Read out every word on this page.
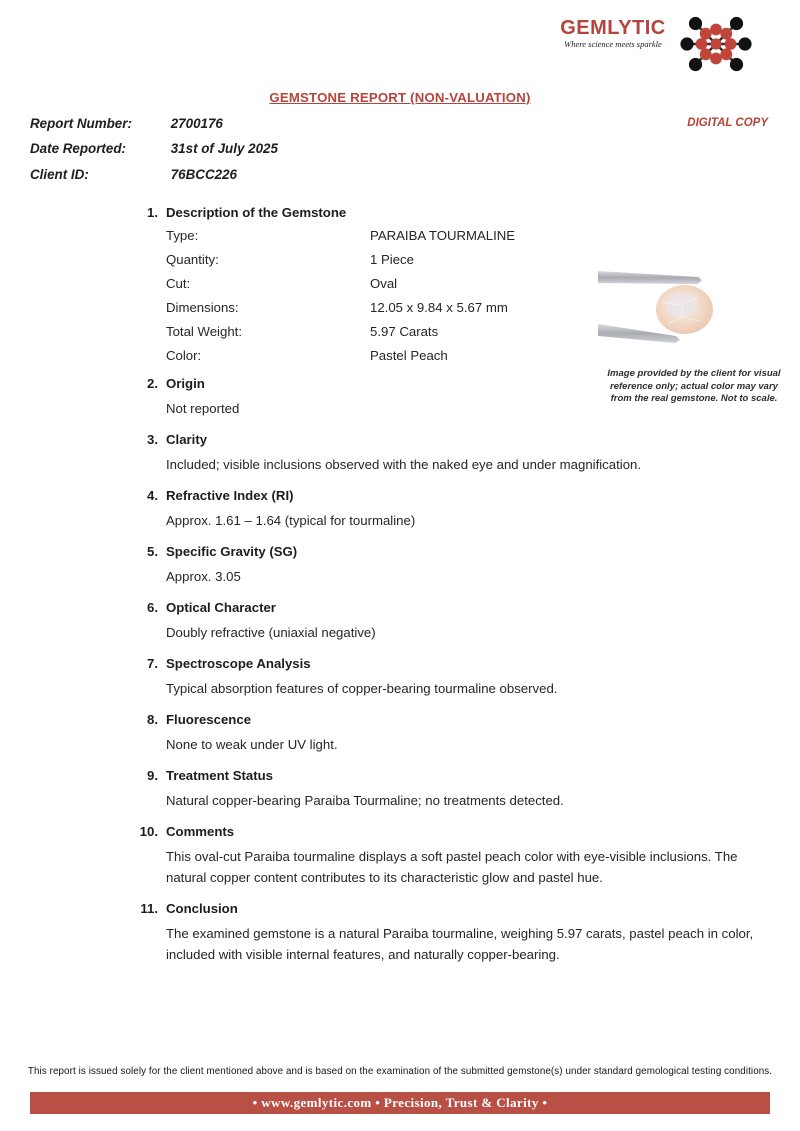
GEMLYTIC
Where science meets sparkle
GEMSTONE REPORT (NON-VALUATION)
DIGITAL COPY
Report Number:	2700176
Date Reported:	31st of July 2025
Client ID:	76BCC226
Image provided by the client for visual reference only; actual color may vary from the real gemstone. Not to scale.
1. Description of the Gemstone
Type:	PARAIBA TOURMALINE
Quantity:	1 Piece
Cut:	Oval
Dimensions:	12.05 x 9.84 x 5.67 mm
Total Weight:	5.97 Carats
Color:	Pastel Peach
2. Origin

Not reported

3. Clarity

Included; visible inclusions observed with the naked eye and under magnification.

4. Refractive Index (RI)

Approx. 1.61 – 1.64 (typical for tourmaline)

5. Specific Gravity (SG)

Approx. 3.05

6. Optical Character

Doubly refractive (uniaxial negative)

7. Spectroscope Analysis

Typical absorption features of copper-bearing tourmaline observed.

8. Fluorescence

None to weak under UV light.

9. Treatment Status

Natural copper-bearing Paraiba Tourmaline; no treatments detected.

10. Comments

This oval-cut Paraiba tourmaline displays a soft pastel peach color with eye-visible inclusions. The natural copper content contributes to its characteristic glow and pastel hue.

11. Conclusion

The examined gemstone is a natural Paraiba tourmaline, weighing 5.97 carats, pastel peach in color, included with visible internal features, and naturally copper-bearing.

This report is issued solely for the client mentioned above and is based on the examination of the submitted gemstone(s) under standard gemological testing conditions.
• www.gemlytic.com • Precision, Trust & Clarity •
